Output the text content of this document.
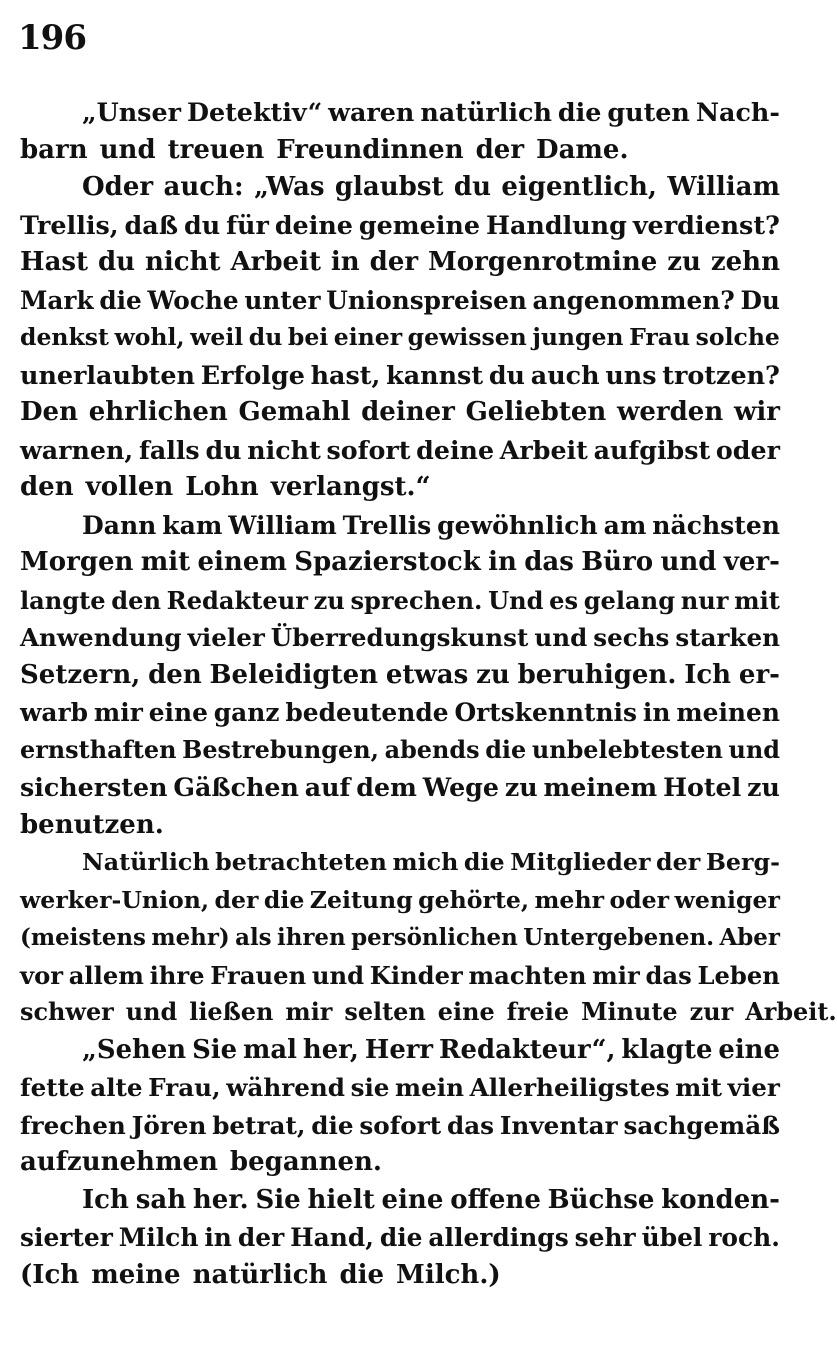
196
„Unser Detektiv“ waren natürlich die guten Nach-
barn und treuen Freundinnen der Dame.
Oder auch: „Was glaubst du eigentlich, William
Trellis, daß du für deine gemeine Handlung verdienst?
Hast du nicht Arbeit in der Morgenrotmine zu zehn
Mark die Woche unter Unionspreisen angenommen? Du
denkst wohl, weil du bei einer gewissen jungen Frau solche
unerlaubten Erfolge hast, kannst du auch uns trotzen?
Den ehrlichen Gemahl deiner Geliebten werden wir
warnen, falls du nicht sofort deine Arbeit aufgibst oder
den vollen Lohn verlangst.“
Dann kam William Trellis gewöhnlich am nächsten
Morgen mit einem Spazierstock in das Büro und ver-
langte den Redakteur zu sprechen. Und es gelang nur mit
Anwendung vieler Überredungskunst und sechs starken
Setzern, den Beleidigten etwas zu beruhigen. Ich er-
warb mir eine ganz bedeutende Ortskenntnis in meinen
ernsthaften Bestrebungen, abends die unbelebtesten und
sichersten Gäßchen auf dem Wege zu meinem Hotel zu
benutzen.
Natürlich betrachteten mich die Mitglieder der Berg-
werker-Union, der die Zeitung gehörte, mehr oder weniger
(meistens mehr) als ihren persönlichen Untergebenen. Aber
vor allem ihre Frauen und Kinder machten mir das Leben
schwer und ließen mir selten eine freie Minute zur Arbeit.
„Sehen Sie mal her, Herr Redakteur“, klagte eine
fette alte Frau, während sie mein Allerheiligstes mit vier
frechen Jören betrat, die sofort das Inventar sachgemäß
aufzunehmen begannen.
Ich sah her. Sie hielt eine offene Büchse konden-
sierter Milch in der Hand, die allerdings sehr übel roch.
(Ich meine natürlich die Milch.)
